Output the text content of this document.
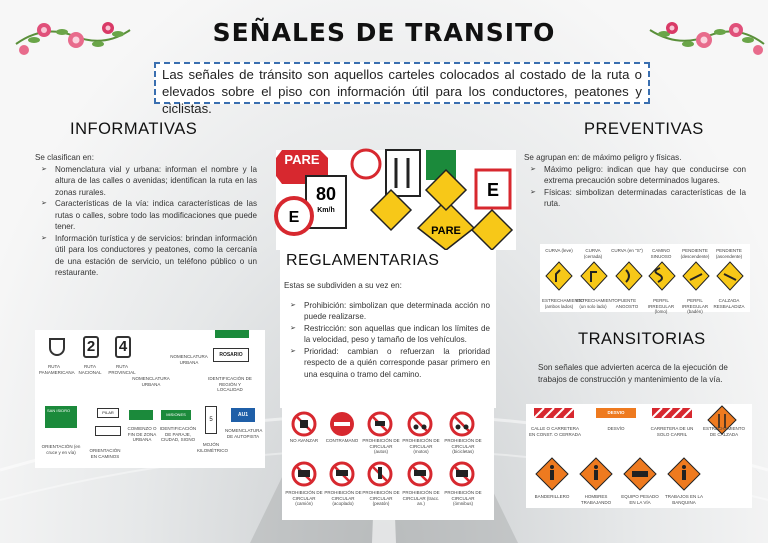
SEÑALES DE TRANSITO
Las señales de tránsito son aquellos carteles colocados al costado de la ruta o elevados sobre el piso con información útil para los conductores, peatones y ciclistas.
INFORMATIVAS
Se clasifican en:
➢ Nomenclatura vial y urbana: informan el nombre y la altura de las calles o avenidas; identifican la ruta en las zonas rurales.
➢ Características de la vía: indica características de las rutas o calles, sobre todo las modificaciones que puede tener.
➢ Información turística y de servicios: brindan información útil para los conductores y peatones, como la cercanía de una estación de servicio, un teléfono público o un restaurante.
2 4	ROSARIO
RUTA PANAMERICANA
RUTA NACIONAL
RUTA PROVINCIAL
NOMENCLATURA URBANA
NOMENCLATURA URBANA
IDENTIFICACIÓN DE REGIÓN Y LOCALIDAD
SAN ISIDRO	PILAR	MISIONES
5
AU1
ORIENTACIÓN (en cruce y en vía)	ORIENTACIÓN EN CAMINOS
COMIENZO O FIN DE ZONA URBANA
IDENTIFICACIÓN DE PARAJE, CIUDAD, SIGNO
MOJÓN KILOMÉTRICO
NOMENCLATURA DE AUTOPISTA
PARE
80
Km/h
E
PARE
E
REGLAMENTARIAS
Estas se subdividen a su vez en:
➢ Prohibición: simbolizan que determinada acción no puede realizarse.
➢ Restricción: son aquellas que indican los límites de la velocidad, peso y tamaño de los vehículos.
➢ Prioridad: cambian o refuerzan la prioridad respecto de a quién corresponde pasar primero en una esquina o tramo del camino.
NO AVANZAR	CONTRAMANO PROHIBICIÓN DE CIRCULAR (autos)
PROHIBICIÓN DE CIRCULAR (motos)
PROHIBICIÓN DE CIRCULAR (bicicletas)
PROHIBICIÓN DE CIRCULAR (camión)
PROHIBICIÓN DE CIRCULAR (acoplado)
PROHIBICIÓN DE CIRCULAR (peatón)
PROHIBICIÓN DE CIRCULAR (tracc. an.)
PROHIBICIÓN DE CIRCULAR (ómnibus)
PREVENTIVAS
Se agrupan en: de máximo peligro y físicas.
➢ Máximo peligro: indican que hay que conducirse con extrema precaución sobre determinados lugares.
➢ Físicas: simbolizan determinadas características de la ruta.
CURVA (leve)	CURVA (cerrada)
CURVA (en "S")	CAMINO SINUOSO
PENDIENTE (descendente)
PENDIENTE (ascendente)
ESTRECHAMIENTO (ambos lados)
ESTRECHAMIENTO (un solo lado)
PUENTE ANGOSTO
PERFIL IRREGULAR (lomo)
PERFIL IRREGULAR (badén)
CALZADA RESBALADIZA
TRANSITORIAS
Son señales que advierten acerca de la ejecución de trabajos de construcción y mantenimiento de la vía.
DESVIO
CALLE O CARRETERA EN CONST. O CERRADA
DESVÍO	CARRETERA DE UN SOLO CARRIL
ESTRECHAMIENTO DE CALZADA
BANDERILLERO	HOMBRES TRABAJANDO
EQUIPO PESADO EN LA VÍA
TRABAJOS EN LA BANQUINA
